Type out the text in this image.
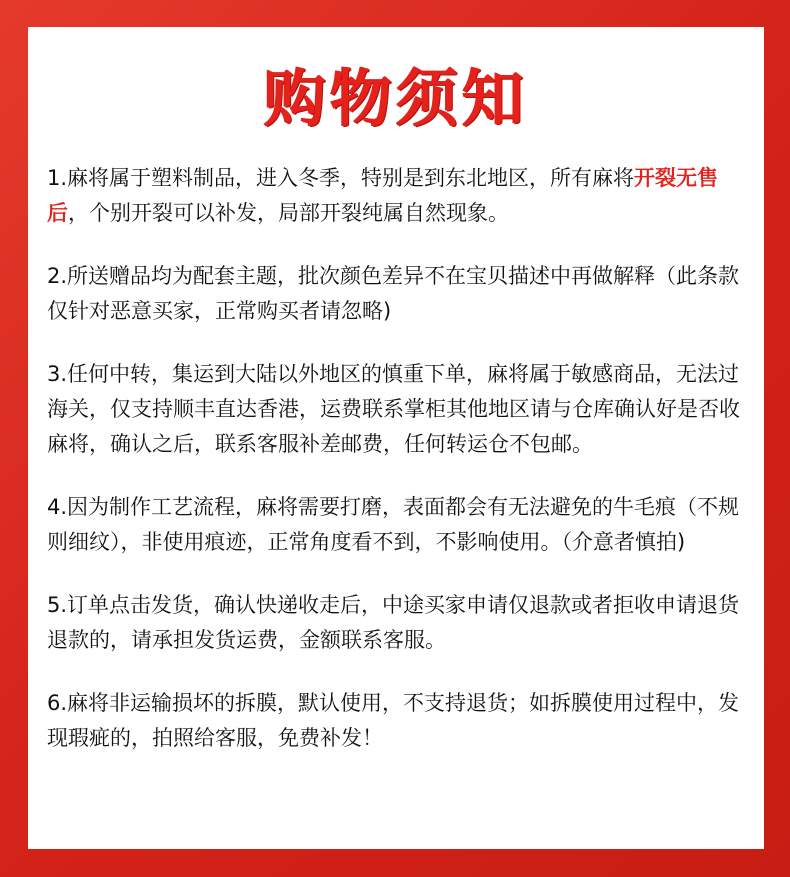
购物须知

1.麻将属于塑料制品，进入冬季，特别是到东北地区，所有麻将开裂无售后，个别开裂可以补发，局部开裂纯属自然现象。

2.所送赠品均为配套主题，批次颜色差异不在宝贝描述中再做解释（此条款仅针对恶意买家，正常购买者请忽略)

3.任何中转，集运到大陆以外地区的慎重下单，麻将属于敏感商品，无法过海关，仅支持顺丰直达香港，运费联系掌柜其他地区请与仓库确认好是否收麻将，确认之后，联系客服补差邮费，任何转运仓不包邮。

4.因为制作工艺流程，麻将需要打磨，表面都会有无法避免的牛毛痕（不规则细纹），非使用痕迹，正常角度看不到，不影响使用。（介意者慎拍)

5.订单点击发货，确认快递收走后，中途买家申请仅退款或者拒收申请退货退款的，请承担发货运费，金额联系客服。

6.麻将非运输损坏的拆膜，默认使用，不支持退货；如拆膜使用过程中，发现瑕疵的，拍照给客服，免费补发！
